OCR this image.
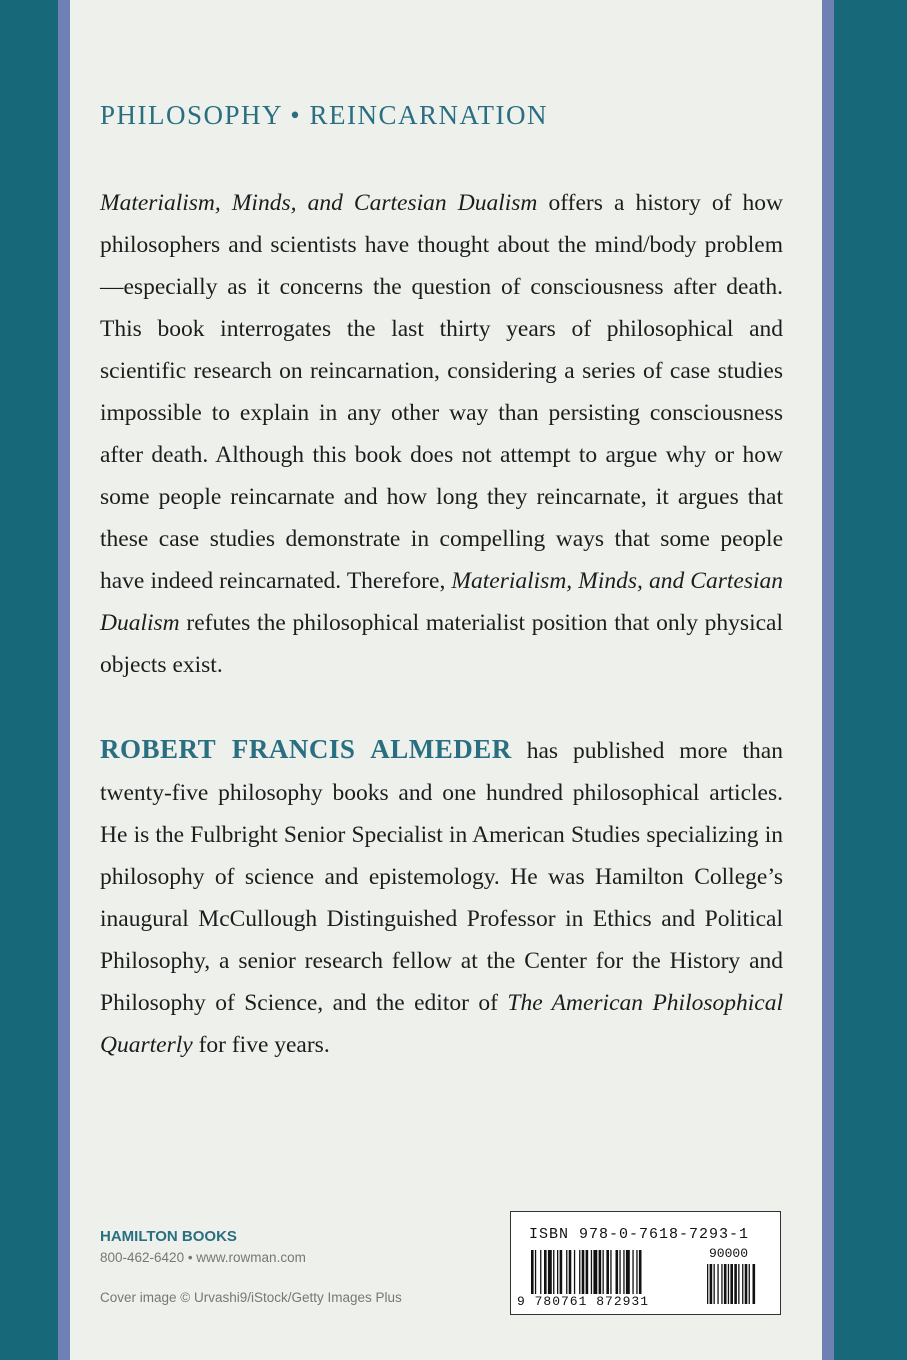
PHILOSOPHY • REINCARNATION

Materialism, Minds, and Cartesian Dualism offers a history of how philosophers and scientists have thought about the mind/body problem—especially as it concerns the question of consciousness after death. This book interrogates the last thirty years of philosophical and scientific research on reincarnation, considering a series of case studies impossible to explain in any other way than persisting consciousness after death. Although this book does not attempt to argue why or how some people reincarnate and how long they reincarnate, it argues that these case studies demonstrate in compelling ways that some people have indeed reincarnated. Therefore, Materialism, Minds, and Cartesian Dualism refutes the philosophical materialist position that only physical objects exist.

ROBERT FRANCIS ALMEDER has published more than twenty-five philosophy books and one hundred philosophical articles. He is the Fulbright Senior Specialist in American Studies specializing in philosophy of science and epistemology. He was Hamilton College’s inaugural McCullough Distinguished Professor in Ethics and Political Philosophy, a senior research fellow at the Center for the History and Philosophy of Science, and the editor of The American Philosophical Quarterly for five years.

HAMILTON BOOKS
800-462-6420 • www.rowman.com
Cover image © Urvashi9/iStock/Getty Images Plus
ISBN 978-0-7618-7293-1
90000
9 780761 872931
